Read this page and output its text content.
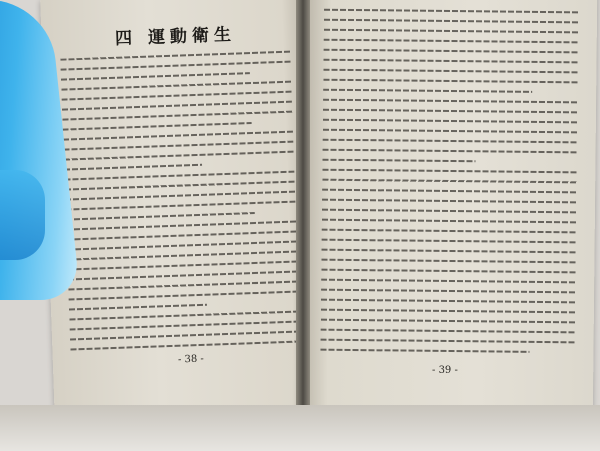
四 運動衛生
- 38 -
- 39 -
